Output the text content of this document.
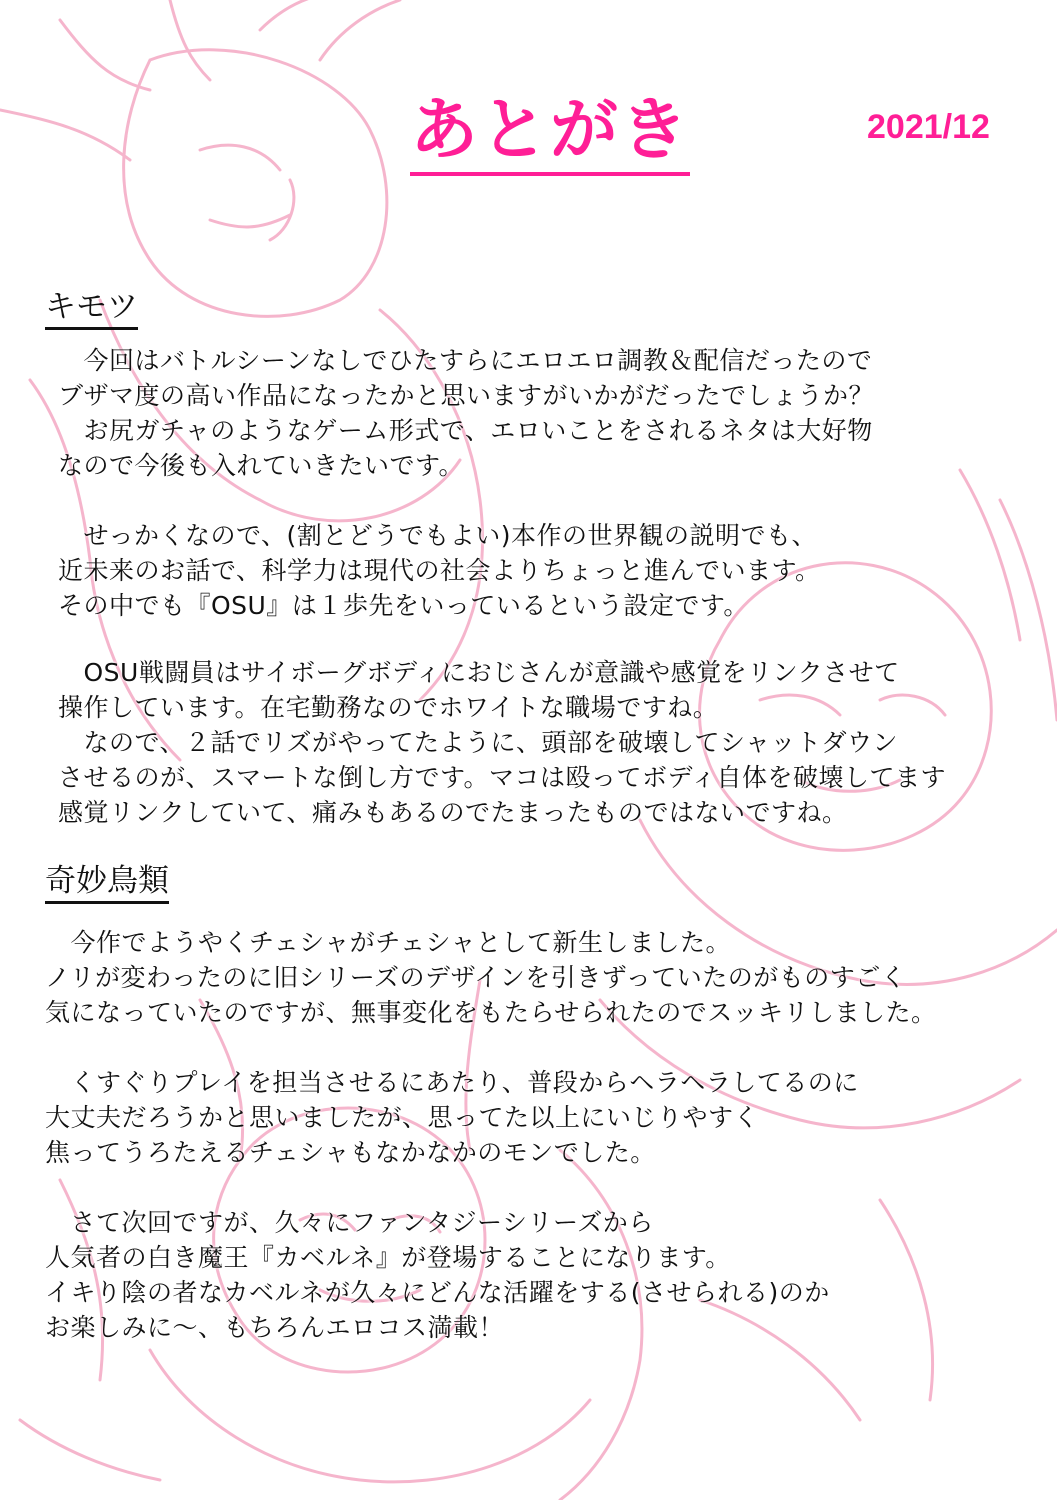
あとがき	2021/12
キモツ
　今回はバトルシーンなしでひたすらにエロエロ調教＆配信だったので
ブザマ度の高い作品になったかと思いますがいかがだったでしょうか？
　お尻ガチャのようなゲーム形式で、エロいことをされるネタは大好物
なので今後も入れていきたいです。
　せっかくなので、(割とどうでもよい)本作の世界観の説明でも、
近未来のお話で、科学力は現代の社会よりちょっと進んでいます。
その中でも『OSU』は１歩先をいっているという設定です。
　OSU戦闘員はサイボーグボディにおじさんが意識や感覚をリンクさせて
操作しています。在宅勤務なのでホワイトな職場ですね。
　なので、２話でリズがやってたように、頭部を破壊してシャットダウン
させるのが、スマートな倒し方です。マコは殴ってボディ自体を破壊してます
感覚リンクしていて、痛みもあるのでたまったものではないですね。
奇妙鳥類
　今作でようやくチェシャがチェシャとして新生しました。
ノリが変わったのに旧シリーズのデザインを引きずっていたのがものすごく
気になっていたのですが、無事変化をもたらせられたのでスッキリしました。
　くすぐりプレイを担当させるにあたり、普段からヘラヘラしてるのに
大丈夫だろうかと思いましたが、思ってた以上にいじりやすく
焦ってうろたえるチェシャもなかなかのモンでした。
　さて次回ですが、久々にファンタジーシリーズから
人気者の白き魔王『カベルネ』が登場することになります。
イキり陰の者なカベルネが久々にどんな活躍をする(させられる)のか
お楽しみに〜、もちろんエロコス満載！
